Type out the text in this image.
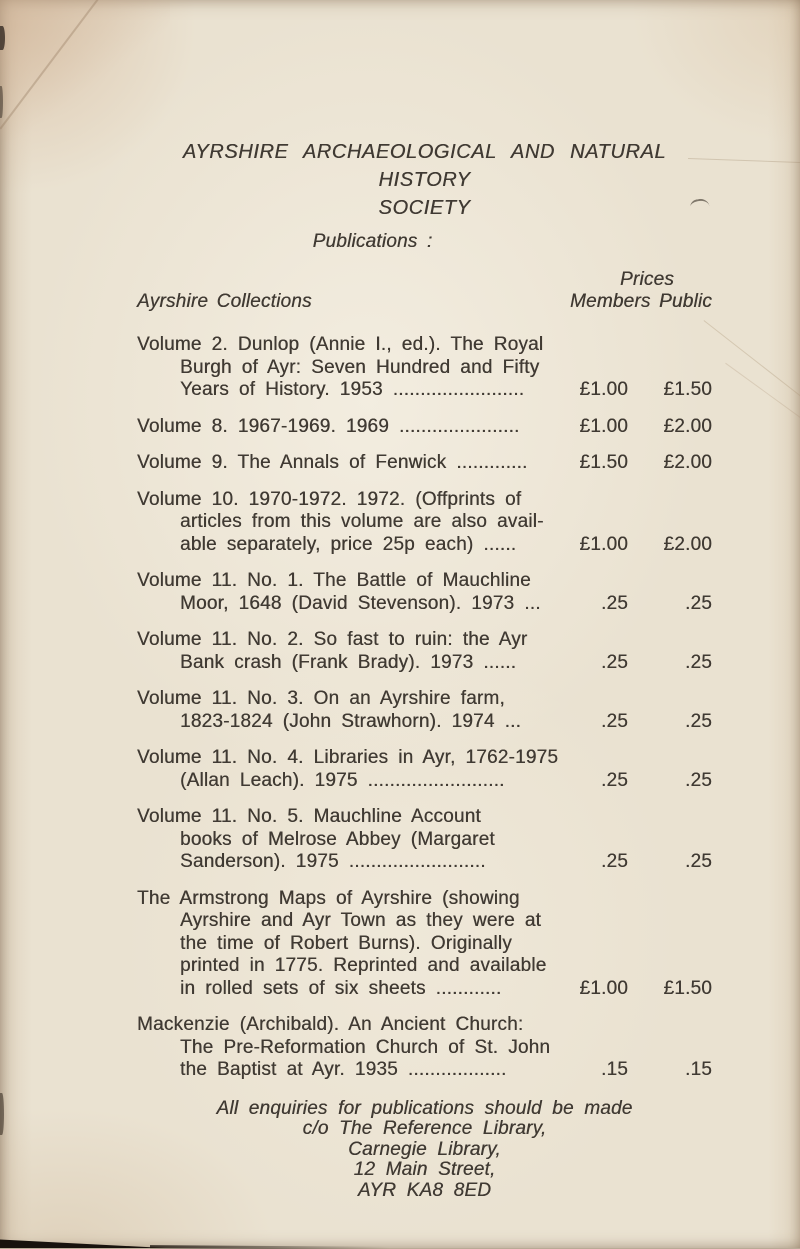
AYRSHIRE ARCHAEOLOGICAL AND NATURAL HISTORY
SOCIETY
Publications :
Ayrshire Collections
Prices
Members Public
Volume 2. Dunlop (Annie I., ed.). The Royal
Burgh of Ayr: Seven Hundred and Fifty
Years of History. 1953 ........................	£1.00	£1.50
Volume 8. 1967-1969. 1969 ......................	£1.00	£2.00
Volume 9. The Annals of Fenwick .............	£1.50	£2.00
Volume 10. 1970-1972. 1972. (Offprints of
articles from this volume are also avail-
able separately, price 25p each) ......	£1.00	£2.00
Volume 11. No. 1. The Battle of Mauchline
Moor, 1648 (David Stevenson). 1973 ...	.25	.25
Volume 11. No. 2. So fast to ruin: the Ayr
Bank crash (Frank Brady). 1973 ......	.25	.25
Volume 11. No. 3. On an Ayrshire farm,
1823-1824 (John Strawhorn). 1974 ...	.25	.25
Volume 11. No. 4. Libraries in Ayr, 1762-1975
(Allan Leach). 1975 .........................	.25	.25
Volume 11. No. 5. Mauchline Account
books of Melrose Abbey (Margaret
Sanderson). 1975 .........................	.25	.25
The Armstrong Maps of Ayrshire (showing
Ayrshire and Ayr Town as they were at
the time of Robert Burns). Originally
printed in 1775. Reprinted and available
in rolled sets of six sheets ............	£1.00	£1.50
Mackenzie (Archibald). An Ancient Church:
The Pre-Reformation Church of St. John
the Baptist at Ayr. 1935 ..................	.15	.15
All enquiries for publications should be made
c/o The Reference Library,
Carnegie Library,
12 Main Street,
AYR KA8 8ED
